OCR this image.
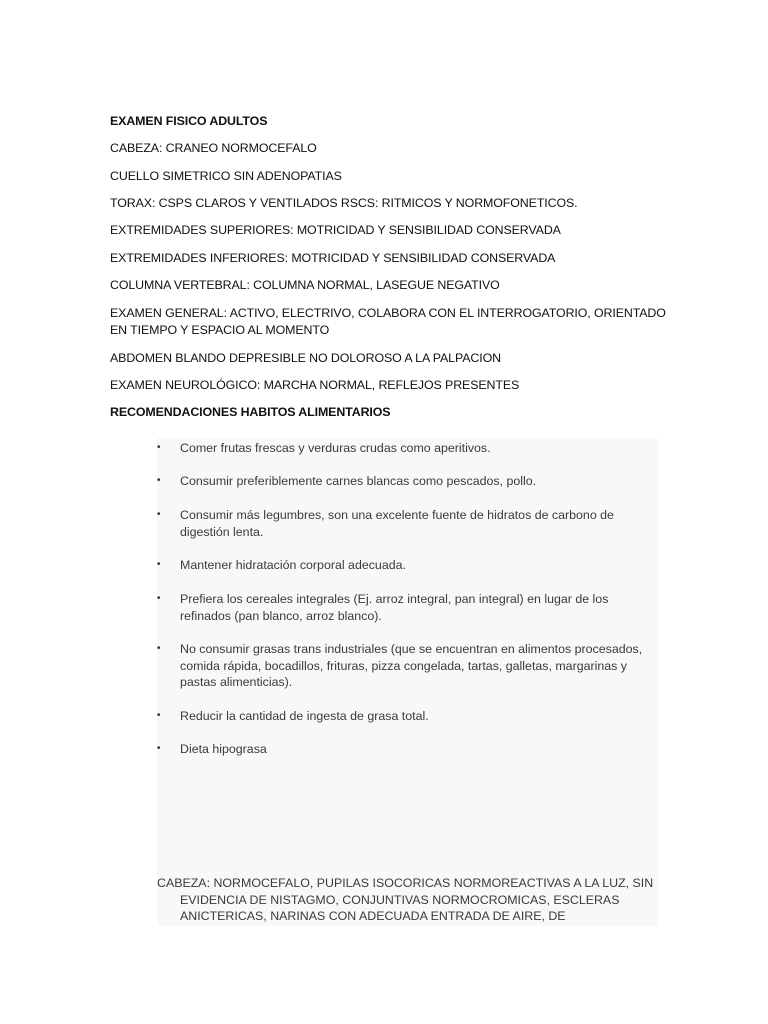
EXAMEN FISICO ADULTOS

CABEZA: CRANEO NORMOCEFALO

CUELLO SIMETRICO SIN ADENOPATIAS

TORAX: CSPS CLAROS Y VENTILADOS RSCS: RITMICOS Y NORMOFONETICOS.

EXTREMIDADES SUPERIORES: MOTRICIDAD Y SENSIBILIDAD CONSERVADA

EXTREMIDADES INFERIORES: MOTRICIDAD Y SENSIBILIDAD CONSERVADA

COLUMNA VERTEBRAL: COLUMNA NORMAL, LASEGUE NEGATIVO

EXAMEN GENERAL: ACTIVO, ELECTRIVO, COLABORA CON EL INTERROGATORIO, ORIENTADO EN TIEMPO Y ESPACIO AL MOMENTO

ABDOMEN BLANDO DEPRESIBLE NO DOLOROSO A LA PALPACION

EXAMEN NEUROLÓGICO: MARCHA NORMAL, REFLEJOS PRESENTES

RECOMENDACIONES HABITOS ALIMENTARIOS

•	Comer frutas frescas y verduras crudas como aperitivos.
•	Consumir preferiblemente carnes blancas como pescados, pollo.
•	Consumir más legumbres, son una excelente fuente de hidratos de carbono de digestión lenta.
•	Mantener hidratación corporal adecuada.
•	Prefiera los cereales integrales (Ej. arroz integral, pan integral) en lugar de los refinados (pan blanco, arroz blanco).
•	No consumir grasas trans industriales (que se encuentran en alimentos procesados, comida rápida, bocadillos, frituras, pizza congelada, tartas, galletas, margarinas y pastas alimenticias).
•	Reducir la cantidad de ingesta de grasa total.
•	Dieta hipograsa

CABEZA: NORMOCEFALO, PUPILAS ISOCORICAS NORMOREACTIVAS A LA LUZ, SIN EVIDENCIA DE NISTAGMO, CONJUNTIVAS NORMOCROMICAS, ESCLERAS ANICTERICAS, NARINAS CON ADECUADA ENTRADA DE AIRE, DE
